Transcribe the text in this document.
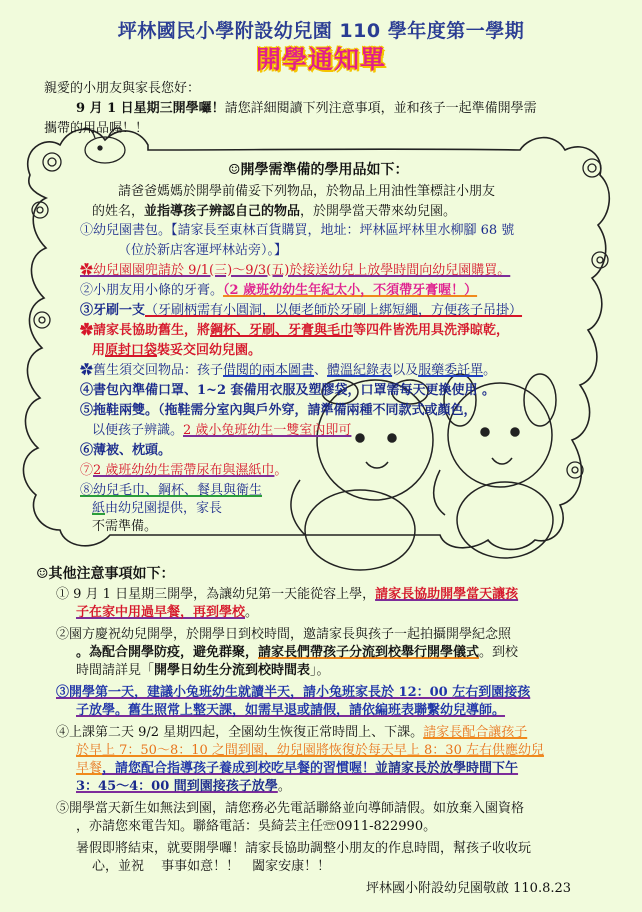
坪林國民小學附設幼兒園 110 學年度第一學期
開學通知單
親愛的小朋友與家長您好：
9 月 1 日星期三開學囉！請您詳細閱讀下列注意事項，並和孩子一起準備開學需
攜帶的用品喔！！
☺開學需準備的學用品如下：
請爸爸媽媽於開學前備妥下列物品，於物品上用油性筆標註小朋友
的姓名，並指導孩子辨認自己的物品，於開學當天帶來幼兒園。
①幼兒園書包。【請家長至東林百貨購買，地址：坪林區坪林里水柳腳 68 號
（位於新店客運坪林站旁）。】
✿幼兒園園兜請於 9/1(三)～9/3(五)於接送幼兒上放學時間向幼兒園購買。
②小朋友用小條的牙膏。（2 歲班幼幼生年紀太小，不須帶牙膏喔！）
③牙刷一支（牙刷柄需有小圓洞，以便老師於牙刷上綁短繩，方便孩子吊掛）
✿請家長協助舊生，將鋼杯、牙刷、牙膏與毛巾等四件皆洗用具洗淨晾乾，
用原封口袋裝妥交回幼兒園。
✿舊生須交回物品：孩子借閱的兩本圖書、體溫紀錄表以及服藥委託單。
④書包內準備口罩、1~2 套備用衣服及塑膠袋，口罩需每天更換使用 。
⑤拖鞋兩雙。（拖鞋需分室內與戶外穿，請準備兩種不同款式或顏色，
以便孩子辨識。2 歲小兔班幼生一雙室內即可
⑥薄被、枕頭。
⑦2 歲班幼幼生需帶尿布與濕紙巾。
⑧幼兒毛巾、鋼杯、餐具與衛生
紙由幼兒園提供，家長
不需準備。
☺其他注意事項如下：
① 9 月 1 日星期三開學，為讓幼兒第一天能從容上學，請家長協助開學當天讓孩
子在家中用過早餐，再到學校。
②園方慶祝幼兒開學，於開學日到校時間，邀請家長與孩子一起拍攝開學紀念照
。為配合開學防疫，避免群聚，請家長們帶孩子分流到校舉行開學儀式。到校
時間請詳見「開學日幼生分流到校時間表」。
③開學第一天，建議小兔班幼生就讀半天，請小兔班家長於 12：00 左右到園接孩
子放學。舊生照常上整天課，如需早退或請假，請依編班表聯繫幼兒導師。
④上課第二天 9/2 星期四起，全園幼生恢復正常時間上、下課。請家長配合讓孩子
於早上 7：50～8：10 之間到園，幼兒園將恢復於每天早上 8：30 左右供應幼兒
早餐，請您配合指導孩子養成到校吃早餐的習慣喔！並請家長於放學時間下午
3：45～4：00 間到園接孩子放學。
⑤開學當天新生如無法到園，請您務必先電話聯絡並向導師請假。如放棄入園資格
，亦請您來電告知。聯絡電話：吳綺芸主任☏0911-822990。
暑假即將結束，就要開學囉！請家長協助調整小朋友的作息時間，幫孩子收收玩
心，並祝　 事事如意！！　闔家安康！！
坪林國小附設幼兒園敬啟 110.8.23
